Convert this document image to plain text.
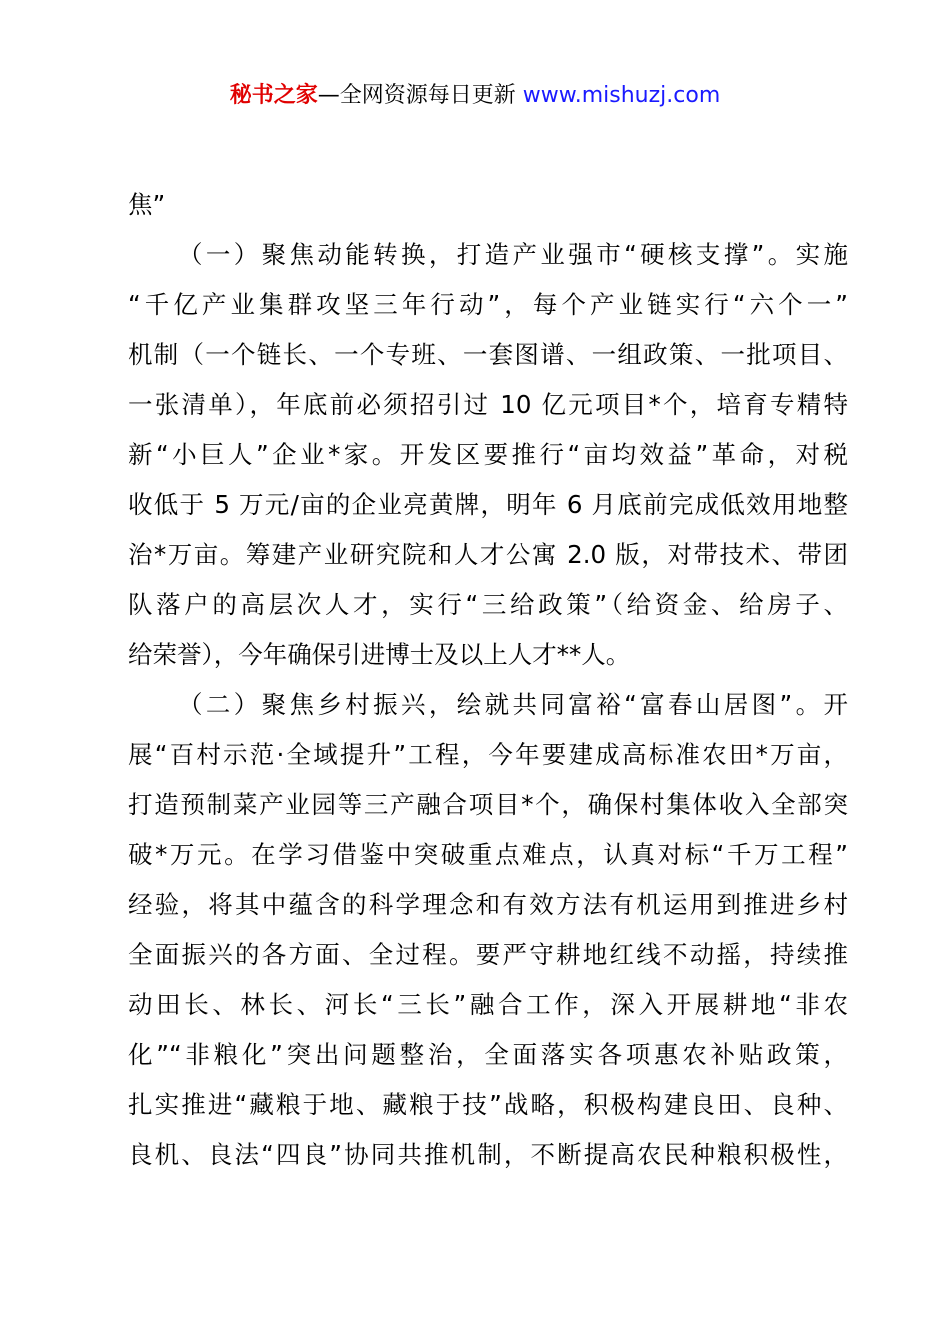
秘书之家—全网资源每日更新 www.mishuzj.com
焦”
（一）聚焦动能转换，打造产业强市“硬核支撑”。实施
“千亿产业集群攻坚三年行动”，每个产业链实行“六个一”
机制（一个链长、一个专班、一套图谱、一组政策、一批项目、
一张清单），年底前必须招引过 10 亿元项目*个，培育专精特
新“小巨人”企业*家。开发区要推行“亩均效益”革命，对税
收低于 5 万元/亩的企业亮黄牌，明年 6 月底前完成低效用地整
治*万亩。筹建产业研究院和人才公寓 2.0 版，对带技术、带团
队落户的高层次人才，实行“三给政策”（给资金、给房子、
给荣誉），今年确保引进博士及以上人才**人。
（二）聚焦乡村振兴，绘就共同富裕“富春山居图”。开
展“百村示范·全域提升”工程，今年要建成高标准农田*万亩，
打造预制菜产业园等三产融合项目*个，确保村集体收入全部突
破*万元。在学习借鉴中突破重点难点，认真对标“千万工程”
经验，将其中蕴含的科学理念和有效方法有机运用到推进乡村
全面振兴的各方面、全过程。要严守耕地红线不动摇，持续推
动田长、林长、河长“三长”融合工作，深入开展耕地“非农
化”“非粮化”突出问题整治，全面落实各项惠农补贴政策，
扎实推进“藏粮于地、藏粮于技”战略，积极构建良田、良种、
良机、良法“四良”协同共推机制，不断提高农民种粮积极性，
